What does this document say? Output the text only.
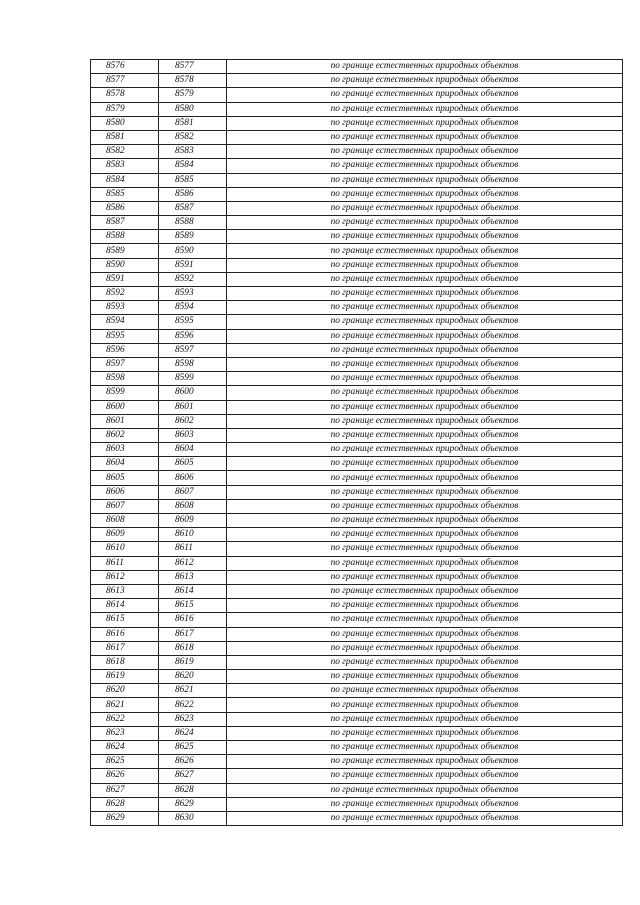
8576	8577	по границе естественных природных объектов
8577	8578	по границе естественных природных объектов
8578	8579	по границе естественных природных объектов
8579	8580	по границе естественных природных объектов
8580	8581	по границе естественных природных объектов
8581	8582	по границе естественных природных объектов
8582	8583	по границе естественных природных объектов
8583	8584	по границе естественных природных объектов
8584	8585	по границе естественных природных объектов
8585	8586	по границе естественных природных объектов
8586	8587	по границе естественных природных объектов
8587	8588	по границе естественных природных объектов
8588	8589	по границе естественных природных объектов
8589	8590	по границе естественных природных объектов
8590	8591	по границе естественных природных объектов
8591	8592	по границе естественных природных объектов
8592	8593	по границе естественных природных объектов
8593	8594	по границе естественных природных объектов
8594	8595	по границе естественных природных объектов
8595	8596	по границе естественных природных объектов
8596	8597	по границе естественных природных объектов
8597	8598	по границе естественных природных объектов
8598	8599	по границе естественных природных объектов
8599	8600	по границе естественных природных объектов
8600	8601	по границе естественных природных объектов
8601	8602	по границе естественных природных объектов
8602	8603	по границе естественных природных объектов
8603	8604	по границе естественных природных объектов
8604	8605	по границе естественных природных объектов
8605	8606	по границе естественных природных объектов
8606	8607	по границе естественных природных объектов
8607	8608	по границе естественных природных объектов
8608	8609	по границе естественных природных объектов
8609	8610	по границе естественных природных объектов
8610	8611	по границе естественных природных объектов
8611	8612	по границе естественных природных объектов
8612	8613	по границе естественных природных объектов
8613	8614	по границе естественных природных объектов
8614	8615	по границе естественных природных объектов
8615	8616	по границе естественных природных объектов
8616	8617	по границе естественных природных объектов
8617	8618	по границе естественных природных объектов
8618	8619	по границе естественных природных объектов
8619	8620	по границе естественных природных объектов
8620	8621	по границе естественных природных объектов
8621	8622	по границе естественных природных объектов
8622	8623	по границе естественных природных объектов
8623	8624	по границе естественных природных объектов
8624	8625	по границе естественных природных объектов
8625	8626	по границе естественных природных объектов
8626	8627	по границе естественных природных объектов
8627	8628	по границе естественных природных объектов
8628	8629	по границе естественных природных объектов
8629	8630	по границе естественных природных объектов
